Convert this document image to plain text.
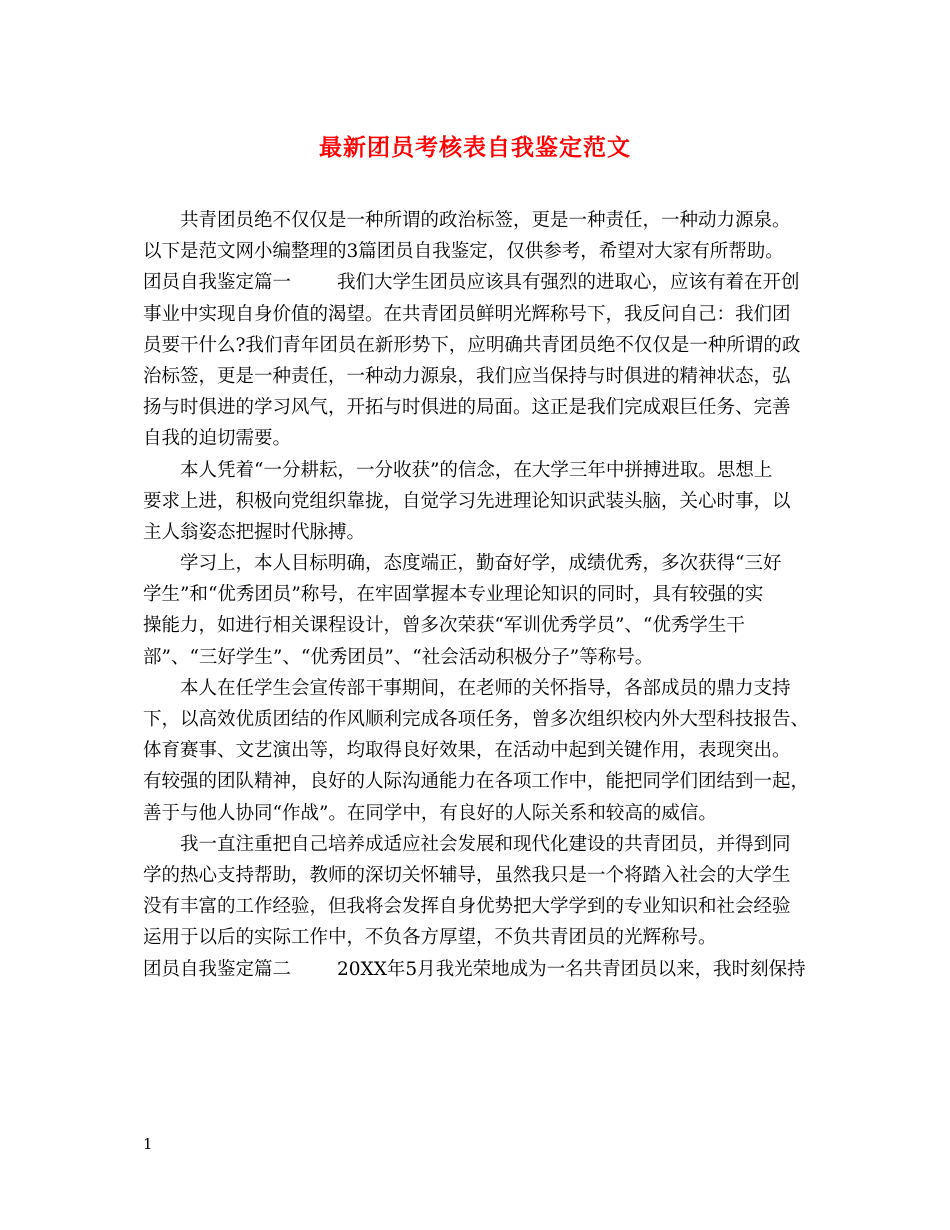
最新团员考核表自我鉴定范文
共青团员绝不仅仅是一种所谓的政治标签，更是一种责任，一种动力源泉。
以下是范文网小编整理的3篇团员自我鉴定，仅供参考，希望对大家有所帮助。
团员自我鉴定篇一 我们大学生团员应该具有强烈的进取心，应该有着在开创
事业中实现自身价值的渴望。在共青团员鲜明光辉称号下，我反问自己：我们团
员要干什么?我们青年团员在新形势下，应明确共青团员绝不仅仅是一种所谓的政
治标签，更是一种责任，一种动力源泉，我们应当保持与时俱进的精神状态，弘
扬与时俱进的学习风气，开拓与时俱进的局面。这正是我们完成艰巨任务、完善
自我的迫切需要。
本人凭着“一分耕耘，一分收获”的信念，在大学三年中拼搏进取。思想上
要求上进，积极向党组织靠拢，自觉学习先进理论知识武装头脑，关心时事，以
主人翁姿态把握时代脉搏。
学习上，本人目标明确，态度端正，勤奋好学，成绩优秀，多次获得“三好
学生”和“优秀团员”称号，在牢固掌握本专业理论知识的同时，具有较强的实
操能力，如进行相关课程设计，曾多次荣获“军训优秀学员”、“优秀学生干
部”、“三好学生”、“优秀团员”、“社会活动积极分子”等称号。
本人在任学生会宣传部干事期间，在老师的关怀指导，各部成员的鼎力支持
下，以高效优质团结的作风顺利完成各项任务，曾多次组织校内外大型科技报告、
体育赛事、文艺演出等，均取得良好效果，在活动中起到关键作用，表现突出。
有较强的团队精神，良好的人际沟通能力在各项工作中，能把同学们团结到一起，
善于与他人协同“作战”。在同学中，有良好的人际关系和较高的威信。
我一直注重把自己培养成适应社会发展和现代化建设的共青团员，并得到同
学的热心支持帮助，教师的深切关怀辅导，虽然我只是一个将踏入社会的大学生
没有丰富的工作经验，但我将会发挥自身优势把大学学到的专业知识和社会经验
运用于以后的实际工作中，不负各方厚望，不负共青团员的光辉称号。
团员自我鉴定篇二 20XX年5月我光荣地成为一名共青团员以来，我时刻保持
1
